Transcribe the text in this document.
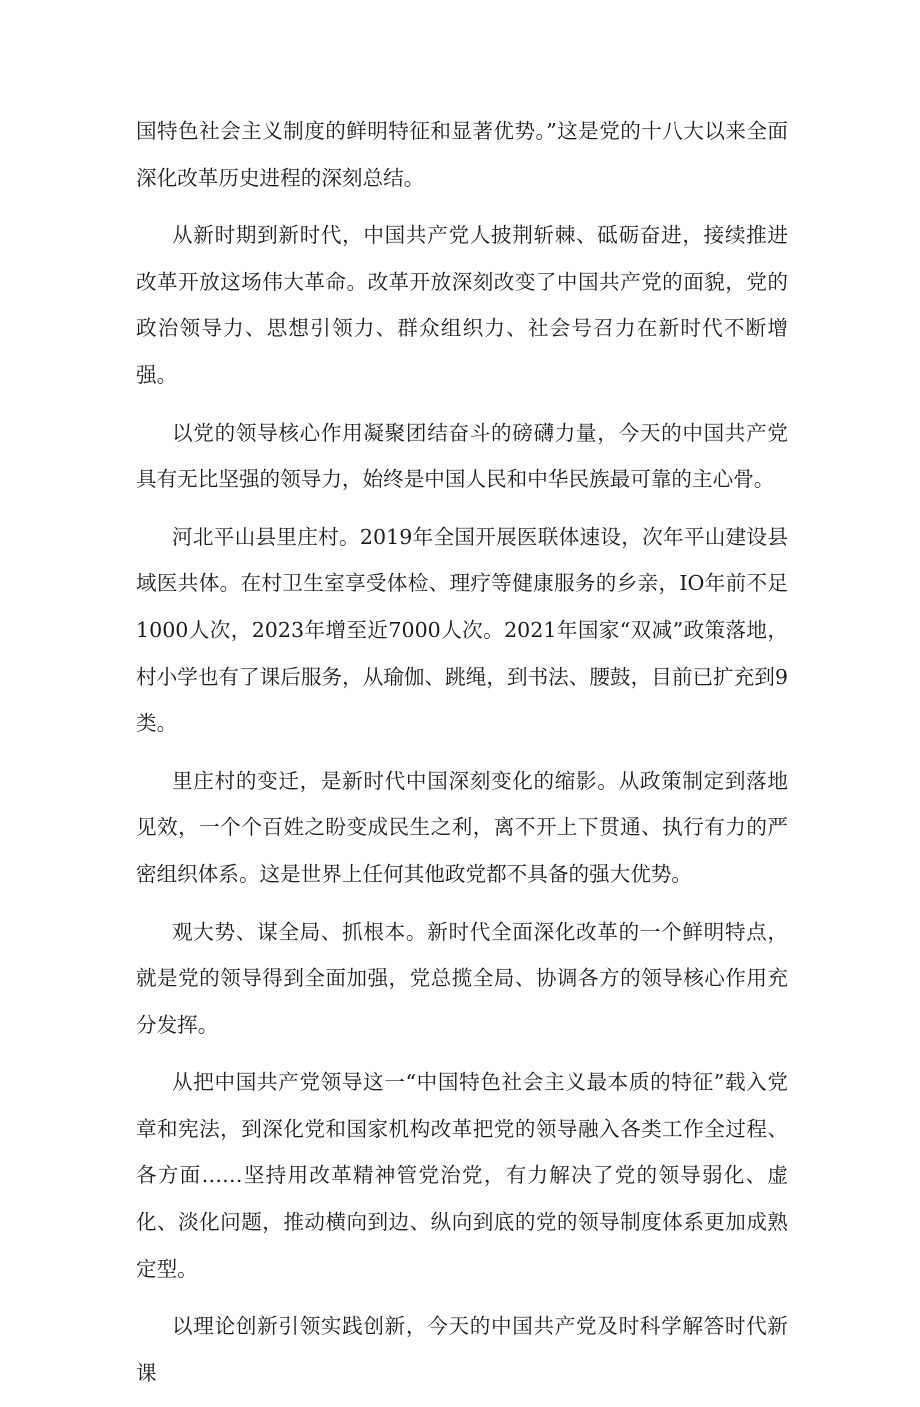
国特色社会主义制度的鲜明特征和显著优势。”这是党的十八大以来全面深化改革历史进程的深刻总结。

从新时期到新时代，中国共产党人披荆斩棘、砥砺奋进，接续推进改革开放这场伟大革命。改革开放深刻改变了中国共产党的面貌，党的政治领导力、思想引领力、群众组织力、社会号召力在新时代不断增强。

以党的领导核心作用凝聚团结奋斗的磅礴力量，今天的中国共产党具有无比坚强的领导力，始终是中国人民和中华民族最可靠的主心骨。

河北平山县里庄村。2019年全国开展医联体速设，次年平山建设县域医共体。在村卫生室享受体检、理疗等健康服务的乡亲，IO年前不足1000人次，2023年增至近7000人次。2021年国家“双减”政策落地，村小学也有了课后服务，从瑜伽、跳绳，到书法、腰鼓，目前已扩充到9类。

里庄村的变迁，是新时代中国深刻变化的缩影。从政策制定到落地见效，一个个百姓之盼变成民生之利，离不开上下贯通、执行有力的严密组织体系。这是世界上任何其他政党都不具备的强大优势。

观大势、谋全局、抓根本。新时代全面深化改革的一个鲜明特点，就是党的领导得到全面加强，党总揽全局、协调各方的领导核心作用充分发挥。

从把中国共产党领导这一“中国特色社会主义最本质的特征”载入党章和宪法，到深化党和国家机构改革把党的领导融入各类工作全过程、各方面……坚持用改革精神管党治党，有力解决了党的领导弱化、虚化、淡化问题，推动横向到边、纵向到底的党的领导制度体系更加成熟定型。

以理论创新引领实践创新，今天的中国共产党及时科学解答时代新课
